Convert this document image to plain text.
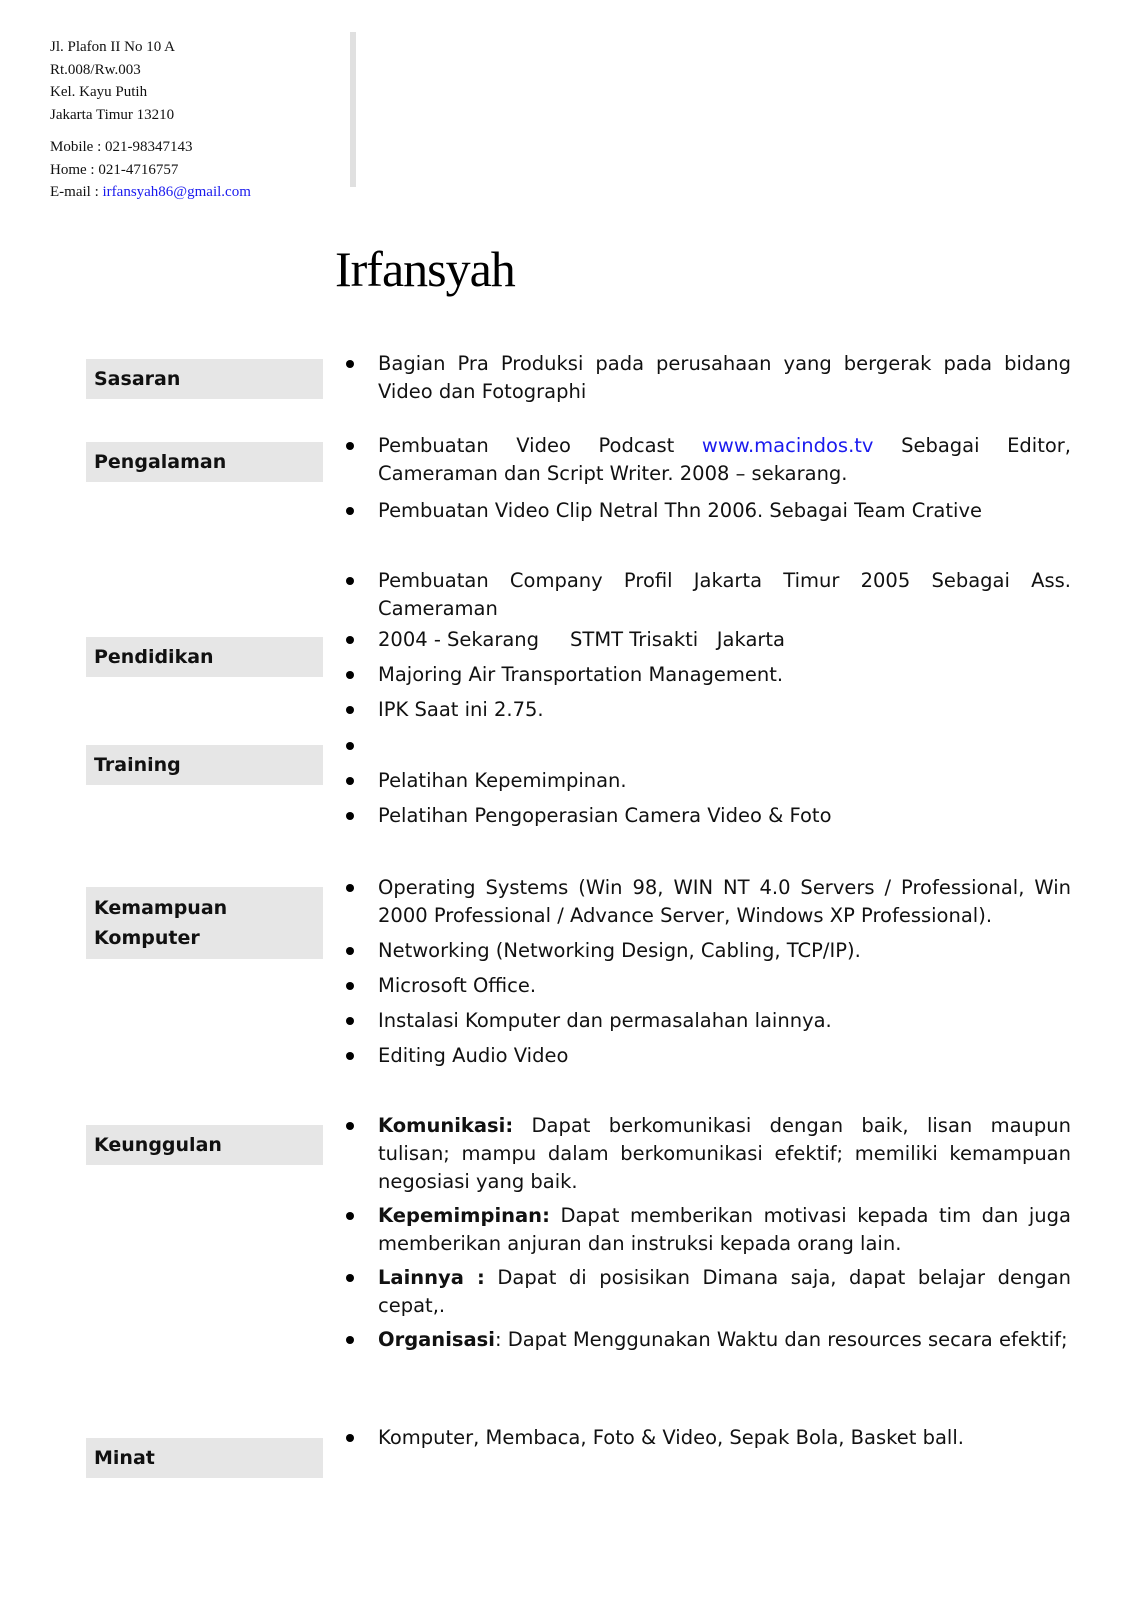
Jl. Plafon II No 10 A
Rt.008/Rw.003
Kel. Kayu Putih
Jakarta Timur 13210
Mobile : 021-98347143
Home : 021-4716757
E-mail : irfansyah86@gmail.com
Irfansyah
Sasaran
Bagian Pra Produksi pada perusahaan yang bergerak pada bidang Video dan Fotographi
Pengalaman
Pembuatan Video Podcast www.macindos.tv Sebagai Editor, Cameraman dan Script Writer. 2008 – sekarang.
Pembuatan Video Clip Netral Thn 2006. Sebagai Team Crative
Pembuatan Company Profil Jakarta Timur 2005 Sebagai Ass. Cameraman
Pendidikan
2004 - Sekarang     STMT Trisakti   Jakarta
Majoring Air Transportation Management.
IPK Saat ini 2.75.
Training
Pelatihan Kepemimpinan.
Pelatihan Pengoperasian Camera Video & Foto
Kemampuan
Komputer
Operating Systems (Win 98, WIN NT 4.0 Servers / Professional, Win 2000 Professional / Advance Server, Windows XP Professional).
Networking (Networking Design, Cabling, TCP/IP).
Microsoft Office.
Instalasi Komputer dan permasalahan lainnya.
Editing Audio Video
Keunggulan
Komunikasi: Dapat berkomunikasi dengan baik, lisan maupun tulisan; mampu dalam berkomunikasi efektif; memiliki kemampuan negosiasi yang baik.
Kepemimpinan: Dapat memberikan motivasi kepada tim dan juga memberikan anjuran dan instruksi kepada orang lain.
Lainnya : Dapat di posisikan Dimana saja, dapat belajar dengan cepat,.
Organisasi: Dapat Menggunakan Waktu dan resources secara efektif;
Minat
Komputer, Membaca, Foto & Video, Sepak Bola, Basket ball.
